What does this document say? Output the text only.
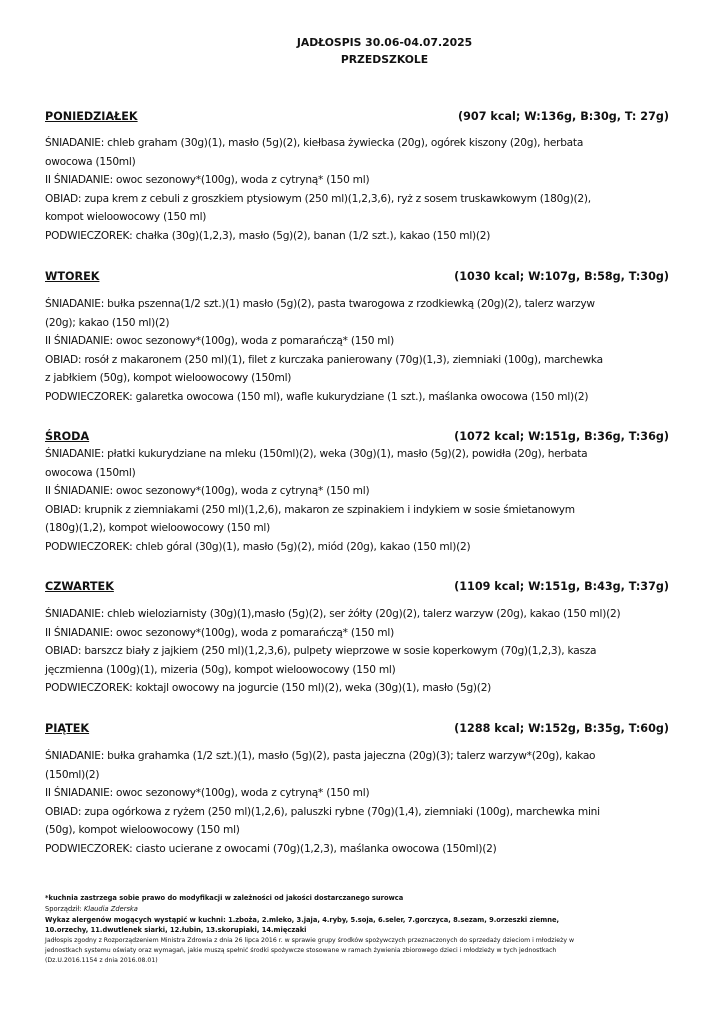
JADŁOSPIS 30.06-04.07.2025
PRZEDSZKOLE
PONIEDZIAŁEK	(907 kcal; W:136g, B:30g, T: 27g)
ŚNIADANIE: chleb graham (30g)(1), masło (5g)(2), kiełbasa żywiecka (20g), ogórek kiszony (20g), herbata
owocowa (150ml)
II ŚNIADANIE: owoc sezonowy*(100g), woda z cytryną* (150 ml)
OBIAD: zupa krem z cebuli z groszkiem ptysiowym (250 ml)(1,2,3,6), ryż z sosem truskawkowym (180g)(2),
kompot wieloowocowy (150 ml)
PODWIECZOREK: chałka (30g)(1,2,3), masło (5g)(2), banan (1/2 szt.), kakao (150 ml)(2)
WTOREK	(1030 kcal; W:107g, B:58g, T:30g)
ŚNIADANIE: bułka pszenna(1/2 szt.)(1) masło (5g)(2), pasta twarogowa z rzodkiewką (20g)(2), talerz warzyw
(20g); kakao (150 ml)(2)
II ŚNIADANIE: owoc sezonowy*(100g), woda z pomarańczą* (150 ml)
OBIAD: rosół z makaronem (250 ml)(1), filet z kurczaka panierowany (70g)(1,3), ziemniaki (100g), marchewka
z jabłkiem (50g), kompot wieloowocowy (150ml)
PODWIECZOREK: galaretka owocowa (150 ml), wafle kukurydziane (1 szt.), maślanka owocowa (150 ml)(2)
ŚRODA	(1072 kcal; W:151g, B:36g, T:36g)
ŚNIADANIE: płatki kukurydziane na mleku (150ml)(2), weka (30g)(1), masło (5g)(2), powidła (20g), herbata
owocowa (150ml)
II ŚNIADANIE: owoc sezonowy*(100g), woda z cytryną* (150 ml)
OBIAD: krupnik z ziemniakami (250 ml)(1,2,6), makaron ze szpinakiem i indykiem w sosie śmietanowym
(180g)(1,2), kompot wieloowocowy (150 ml)
PODWIECZOREK: chleb góral (30g)(1), masło (5g)(2), miód (20g), kakao (150 ml)(2)
CZWARTEK	(1109 kcal; W:151g, B:43g, T:37g)
ŚNIADANIE: chleb wieloziarnisty (30g)(1),masło (5g)(2), ser żółty (20g)(2), talerz warzyw (20g), kakao (150 ml)(2)
II ŚNIADANIE: owoc sezonowy*(100g), woda z pomarańczą* (150 ml)
OBIAD: barszcz biały z jajkiem (250 ml)(1,2,3,6), pulpety wieprzowe w sosie koperkowym (70g)(1,2,3), kasza
jęczmienna (100g)(1), mizeria (50g), kompot wieloowocowy (150 ml)
PODWIECZOREK: koktajl owocowy na jogurcie (150 ml)(2), weka (30g)(1), masło (5g)(2)
PIĄTEK	(1288 kcal; W:152g, B:35g, T:60g)
ŚNIADANIE: bułka grahamka (1/2 szt.)(1), masło (5g)(2), pasta jajeczna (20g)(3); talerz warzyw*(20g), kakao
(150ml)(2)
II ŚNIADANIE: owoc sezonowy*(100g), woda z cytryną* (150 ml)
OBIAD: zupa ogórkowa z ryżem (250 ml)(1,2,6), paluszki rybne (70g)(1,4), ziemniaki (100g), marchewka mini
(50g), kompot wieloowocowy (150 ml)
PODWIECZOREK: ciasto ucierane z owocami (70g)(1,2,3), maślanka owocowa (150ml)(2)
*kuchnia zastrzega sobie prawo do modyfikacji w zależności od jakości dostarczanego surowca
Sporządził: Klaudia Zderska
Wykaz alergenów mogących wystąpić w kuchni: 1.zboża, 2.mleko, 3.jaja, 4.ryby, 5.soja, 6.seler, 7.gorczyca, 8.sezam, 9.orzeszki ziemne,
10.orzechy, 11.dwutlenek siarki, 12.łubin, 13.skorupiaki, 14.mięczaki
Jadłospis zgodny z Rozporządzeniem Ministra Zdrowia z dnia 26 lipca 2016 r. w sprawie grupy środków spożywczych przeznaczonych do sprzedaży dzieciom i młodzieży w
jednostkach systemu oświaty oraz wymagań, jakie muszą spełnić środki spożywcze stosowane w ramach żywienia zbiorowego dzieci i młodzieży w tych jednostkach
(Dz.U.2016.1154 z dnia 2016.08.01)
